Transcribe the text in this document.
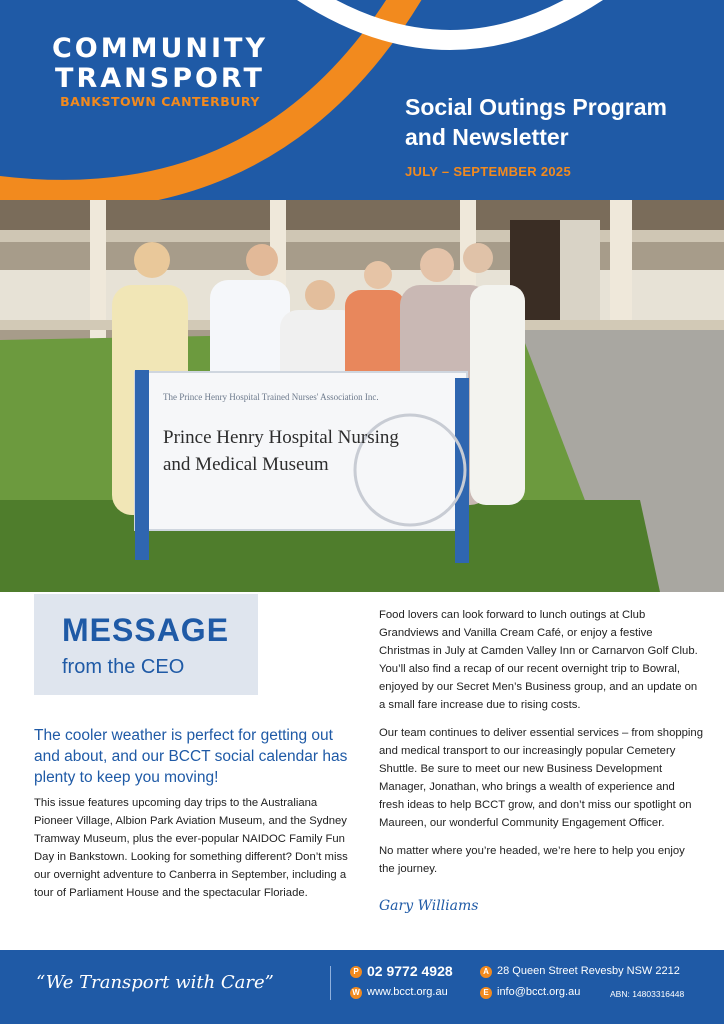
COMMUNITY
TRANSPORT
BANKSTOWN CANTERBURY	Social Outings Program
and Newsletter
JULY – SEPTEMBER 2025
The Prince Henry Hospital Trained Nurses' Association Inc.
Prince Henry Hospital Nursing
and Medical Museum
MESSAGE
from the CEO
The cooler weather is perfect for getting out and about, and our BCCT social calendar has plenty to keep you moving!
This issue features upcoming day trips to the Australiana Pioneer Village, Albion Park Aviation Museum, and the Sydney Tramway Museum, plus the ever-popular NAIDOC Family Fun Day in Bankstown. Looking for something different? Don’t miss our overnight adventure to Canberra in September, including a tour of Parliament House and the spectacular Floriade.

Food lovers can look forward to lunch outings at Club Grandviews and Vanilla Cream Café, or enjoy a festive Christmas in July at Camden Valley Inn or Carnarvon Golf Club. You’ll also find a recap of our recent overnight trip to Bowral, enjoyed by our Secret Men’s Business group, and an update on a small fare increase due to rising costs.

Our team continues to deliver essential services – from shopping and medical transport to our increasingly popular Cemetery Shuttle. Be sure to meet our new Business Development Manager, Jonathan, who brings a wealth of experience and fresh ideas to help BCCT grow, and don’t miss our spotlight on Maureen, our wonderful Community Engagement Officer.

No matter where you’re headed, we’re here to help you enjoy the journey.

Gary Williams
“We Transport with Care”
P 02 9772 4928
W www.bcct.org.au
A 28 Queen Street Revesby NSW 2212
E info@bcct.org.au	ABN: 14803316448
